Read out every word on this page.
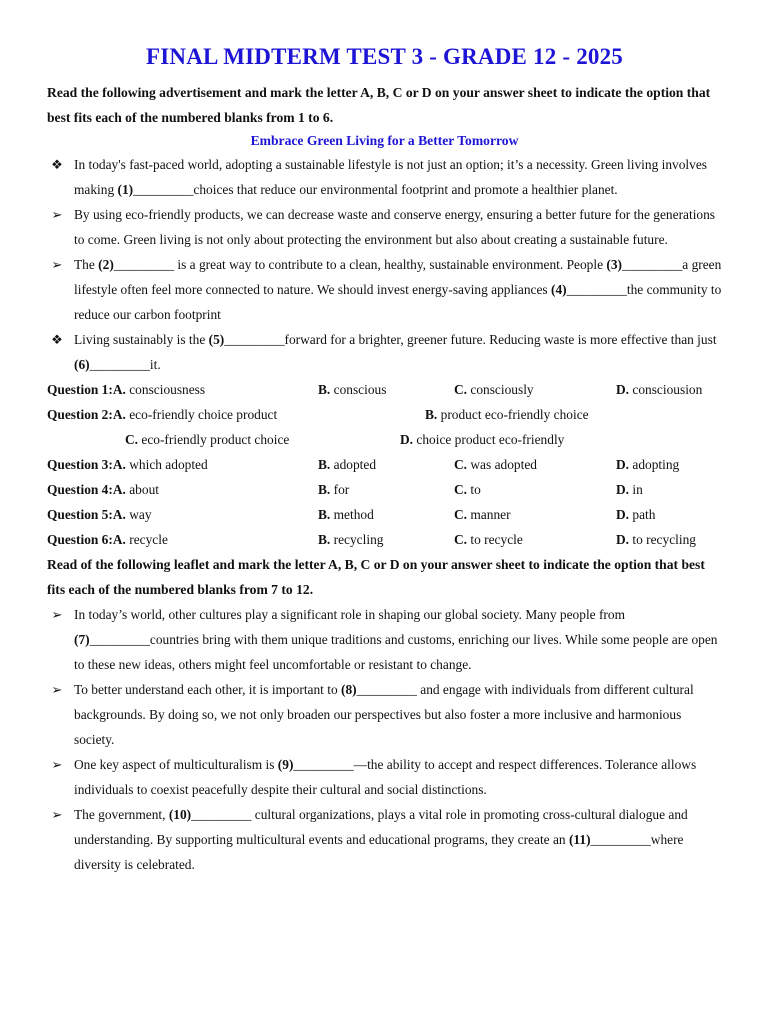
FINAL MIDTERM TEST 3 - GRADE 12 - 2025

Read the following advertisement and mark the letter A, B, C or D on your answer sheet to indicate the option that best fits each of the numbered blanks from 1 to 6.

Embrace Green Living for a Better Tomorrow

❖ In today's fast-paced world, adopting a sustainable lifestyle is not just an option; it’s a necessity. Green living involves making (1)_________choices that reduce our environmental footprint and promote a healthier planet.

➢ By using eco-friendly products, we can decrease waste and conserve energy, ensuring a better future for the generations to come. Green living is not only about protecting the environment but also about creating a sustainable future.

➢ The (2)_________ is a great way to contribute to a clean, healthy, sustainable environment. People (3)_________a green lifestyle often feel more connected to nature. We should invest energy-saving appliances (4)_________the community to reduce our carbon footprint

❖ Living sustainably is the (5)_________forward for a brighter, greener future. Reducing waste is more effective than just (6)_________it.

Question 1:A. consciousness	B. conscious	C. consciously	D. consciousion
Question 2:A. eco-friendly choice product	B. product eco-friendly choice
C. eco-friendly product choice	D. choice product eco-friendly
Question 3:A. which adopted	B. adopted	C. was adopted	D. adopting
Question 4:A. about	B. for	C. to	D. in
Question 5:A. way	B. method	C. manner	D. path
Question 6:A. recycle	B. recycling	C. to recycle	D. to recycling

Read of the following leaflet and mark the letter A, B, C or D on your answer sheet to indicate the option that best fits each of the numbered blanks from 7 to 12.

➢ In today’s world, other cultures play a significant role in shaping our global society. Many people from (7)_________countries bring with them unique traditions and customs, enriching our lives. While some people are open to these new ideas, others might feel uncomfortable or resistant to change.

➢ To better understand each other, it is important to (8)_________ and engage with individuals from different cultural backgrounds. By doing so, we not only broaden our perspectives but also foster a more inclusive and harmonious society.

➢ One key aspect of multiculturalism is (9)_________—the ability to accept and respect differences. Tolerance allows individuals to coexist peacefully despite their cultural and social distinctions.

➢ The government, (10)_________ cultural organizations, plays a vital role in promoting cross-cultural dialogue and understanding. By supporting multicultural events and educational programs, they create an (11)_________where diversity is celebrated.
